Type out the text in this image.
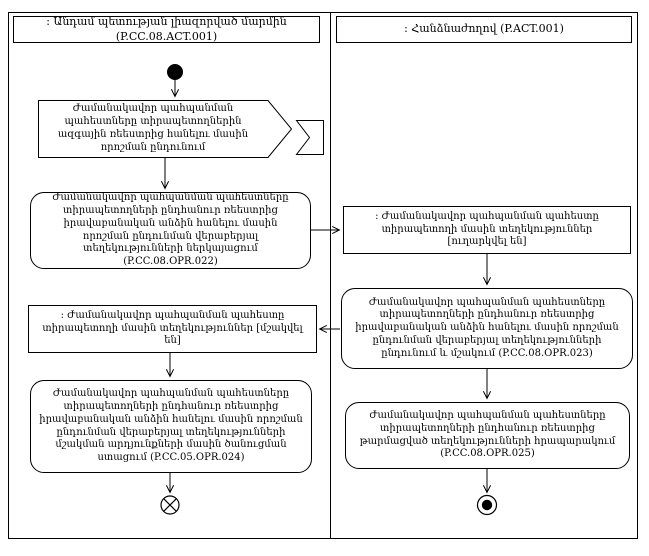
: Անդամ պետության լիազորված մարմին (P.CC.08.ACT.001)
: Հանձնաժողով (P.ACT.001)
Ժամանակավոր պահպանման պահեստները տիրապետողներին ազգային ռեեստրից հանելու մասին որոշման ընդունում
Ժամանակավոր պահպանման պահեստները տիրապետողների ընդհանուր ռեեստրից իրավաբանական անձին հանելու մասին որոշման ընդունման վերաբերյալ տեղեկությունների ներկայացում (P.CC.08.OPR.022)
: Ժամանակավոր պահպանման պահեստը տիրապետողի մասին տեղեկություններ [ուղարկվել են]
Ժամանակավոր պահպանման պահեստները տիրապետողների ընդհանուր ռեեստրից իրավաբանական անձին հանելու մասին որոշման ընդունման վերաբերյալ տեղեկությունների ընդունում և մշակում (P.CC.08.OPR.023)
: Ժամանակավոր պահպանման պահեստը տիրապետողի մասին տեղեկություններ [մշակվել են]
Ժամանակավոր պահպանման պահեստները տիրապետողների ընդհանուր ռեեստրից իրավաբանական անձին հանելու մասին որոշման ընդունման վերաբերյալ տեղեկությունների մշակման արդյունքների մասին ծանուցման ստացում (P.CC.05.OPR.024)
Ժամանակավոր պահպանման պահեստները տիրապետողների ընդհանուր ռեեստրից թարմացված տեղեկությունների հրապարակում (P.CC.08.OPR.025)
